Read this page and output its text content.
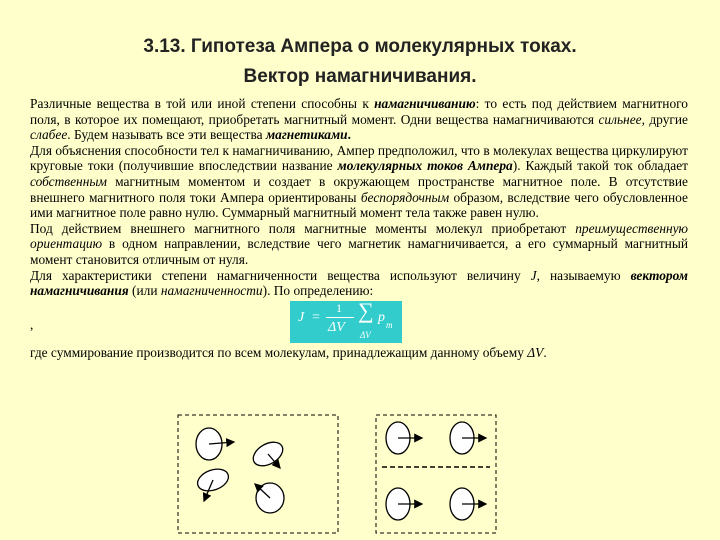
3.13. Гипотеза Ампера о молекулярных токах.
Вектор намагничивания.

Различные вещества в той или иной степени способны к намагничиванию: то есть под действием магнитного поля, в которое их помещают, приобретать магнитный момент. Одни вещества намагничиваются сильнее, другие слабее. Будем называть все эти вещества магнетиками.

Для объяснения способности тел к намагничиванию, Ампер предположил, что в молекулах вещества циркулируют круговые токи (получившие впоследствии название молекулярных токов Ампера). Каждый такой ток обладает собственным магнитным моментом и создает в окружающем пространстве магнитное поле. В отсутствие внешнего магнитного поля токи Ампера ориентированы беспорядочным образом, вследствие чего обусловленное ими магнитное поле равно нулю. Суммарный магнитный момент тела также равен нулю.

Под действием внешнего магнитного поля магнитные моменты молекул приобретают преимущественную ориентацию в одном направлении, вследствие чего магнетик намагничивается, а его суммарный магнитный момент становится отличным от нуля.

Для характеристики степени намагниченности вещества используют величину J, называемую вектором намагничивания (или намагниченности). По определению:

,	J =
1
ΔV
∑
ΔV
p m

где суммирование производится по всем молекулам, принадлежащим данному объему ΔV.
